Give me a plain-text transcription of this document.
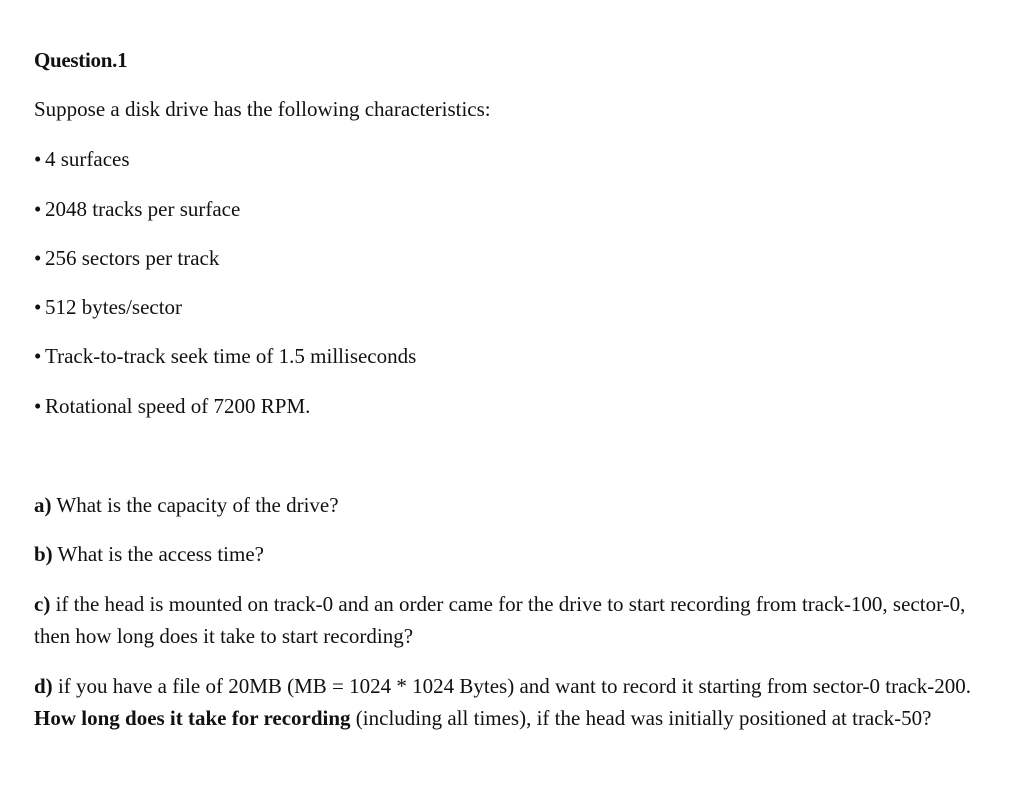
Question.1
Suppose a disk drive has the following characteristics:
• 4 surfaces
• 2048 tracks per surface
• 256 sectors per track
• 512 bytes/sector
• Track-to-track seek time of 1.5 milliseconds
• Rotational speed of 7200 RPM.
a) What is the capacity of the drive?
b) What is the access time?
c) if the head is mounted on track-0 and an order came for the drive to start recording from track-100, sector-0, then how long does it take to start recording?
d) if you have a file of 20MB (MB = 1024 * 1024 Bytes) and want to record it starting from sector-0 track-200. How long does it take for recording (including all times), if the head was initially positioned at track-50?
